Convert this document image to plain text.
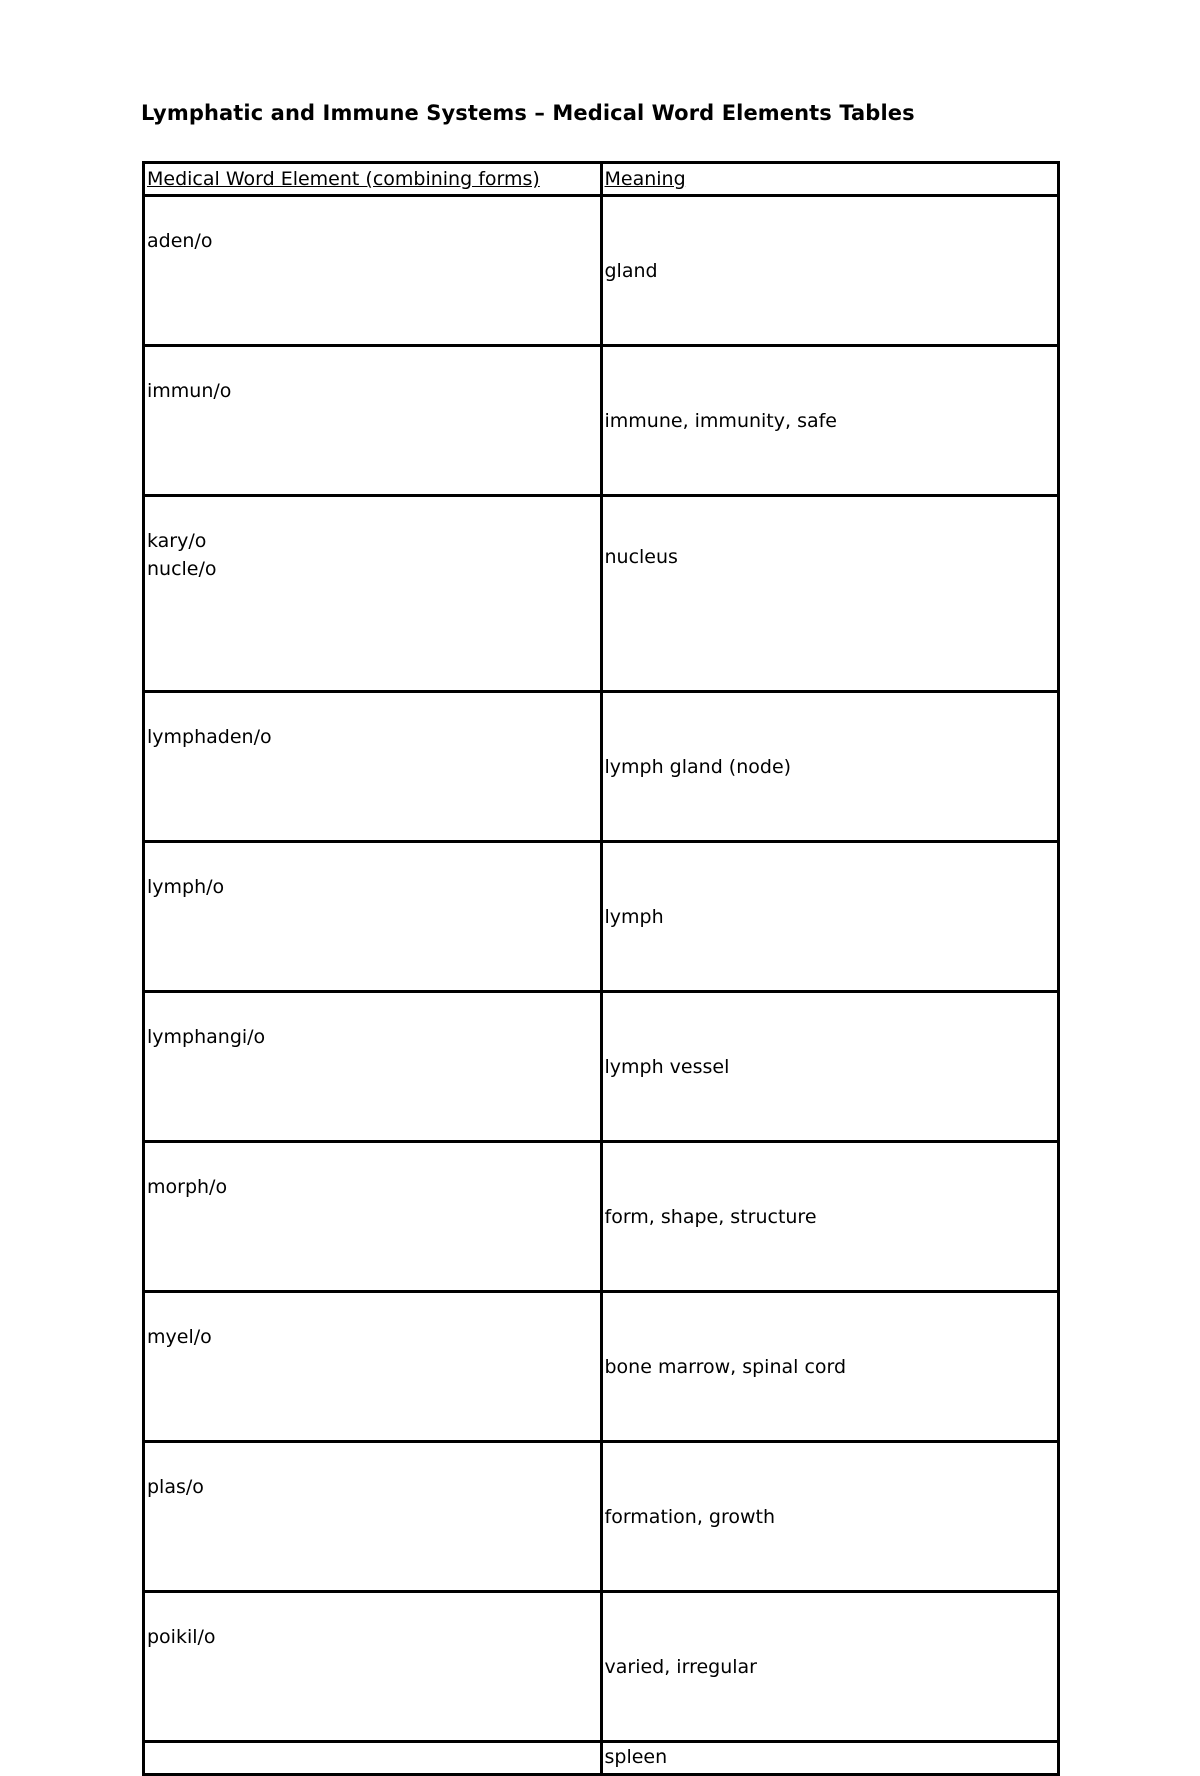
Lymphatic and Immune Systems – Medical Word Elements Tables
Medical Word Element (combining forms)	Meaning

aden/o	gland

immun/o	immune, immunity, safe

kary/o
nucle/o	nucleus

lymphaden/o	lymph gland (node)

lymph/o	lymph

lymphangi/o	lymph vessel

morph/o	form, shape, structure

myel/o	bone marrow, spinal cord

plas/o	formation, growth

poikil/o	varied, irregular

	spleen
